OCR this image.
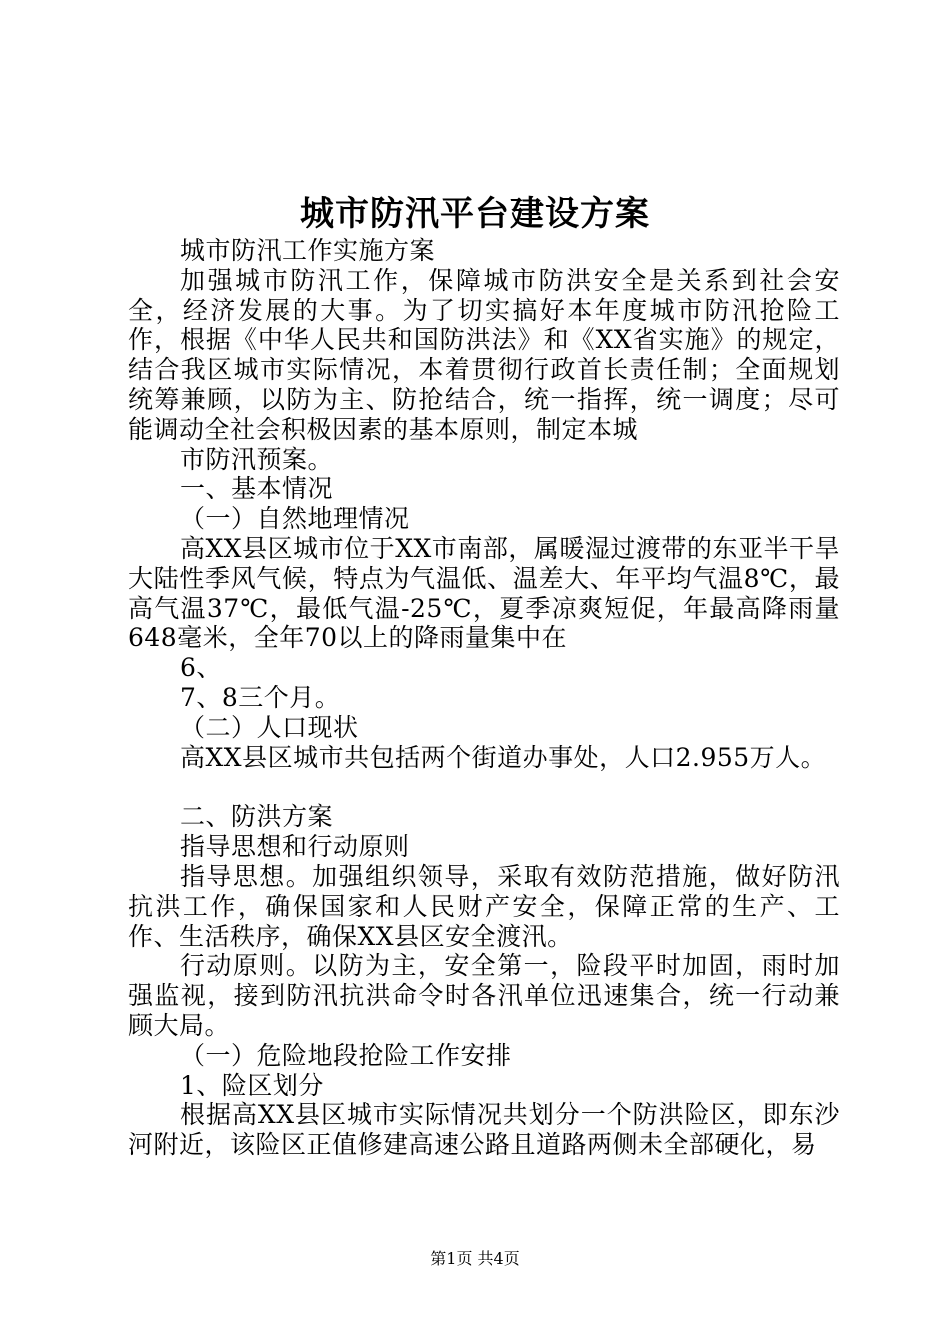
城市防汛平台建设方案

城市防汛工作实施方案

加强城市防汛工作，保障城市防洪安全是关系到社会安全，经济发展的大事。为了切实搞好本年度城市防汛抢险工作，根据《中华人民共和国防洪法》和《XX省实施》的规定，结合我区城市实际情况，本着贯彻行政首长责任制；全面规划统筹兼顾，以防为主、防抢结合，统一指挥，统一调度；尽可能调动全社会积极因素的基本原则，制定本城

市防汛预案。

一、基本情况

（一）自然地理情况

高XX县区城市位于XX市南部，属暖湿过渡带的东亚半干旱大陆性季风气候，特点为气温低、温差大、年平均气温8℃，最高气温37℃，最低气温-25℃，夏季凉爽短促，年最高降雨量648毫米，全年70以上的降雨量集中在

6、

7、8三个月。

（二）人口现状

高XX县区城市共包括两个街道办事处，人口2.955万人。

二、防洪方案

指导思想和行动原则

指导思想。加强组织领导，采取有效防范措施，做好防汛抗洪工作，确保国家和人民财产安全，保障正常的生产、工作、生活秩序，确保XX县区安全渡汛。

行动原则。以防为主，安全第一，险段平时加固，雨时加强监视，接到防汛抗洪命令时各汛单位迅速集合，统一行动兼顾大局。

（一）危险地段抢险工作安排

1、险区划分

根据高XX县区城市实际情况共划分一个防洪险区，即东沙河附近，该险区正值修建高速公路且道路两侧未全部硬化，易

第1页 共4页
